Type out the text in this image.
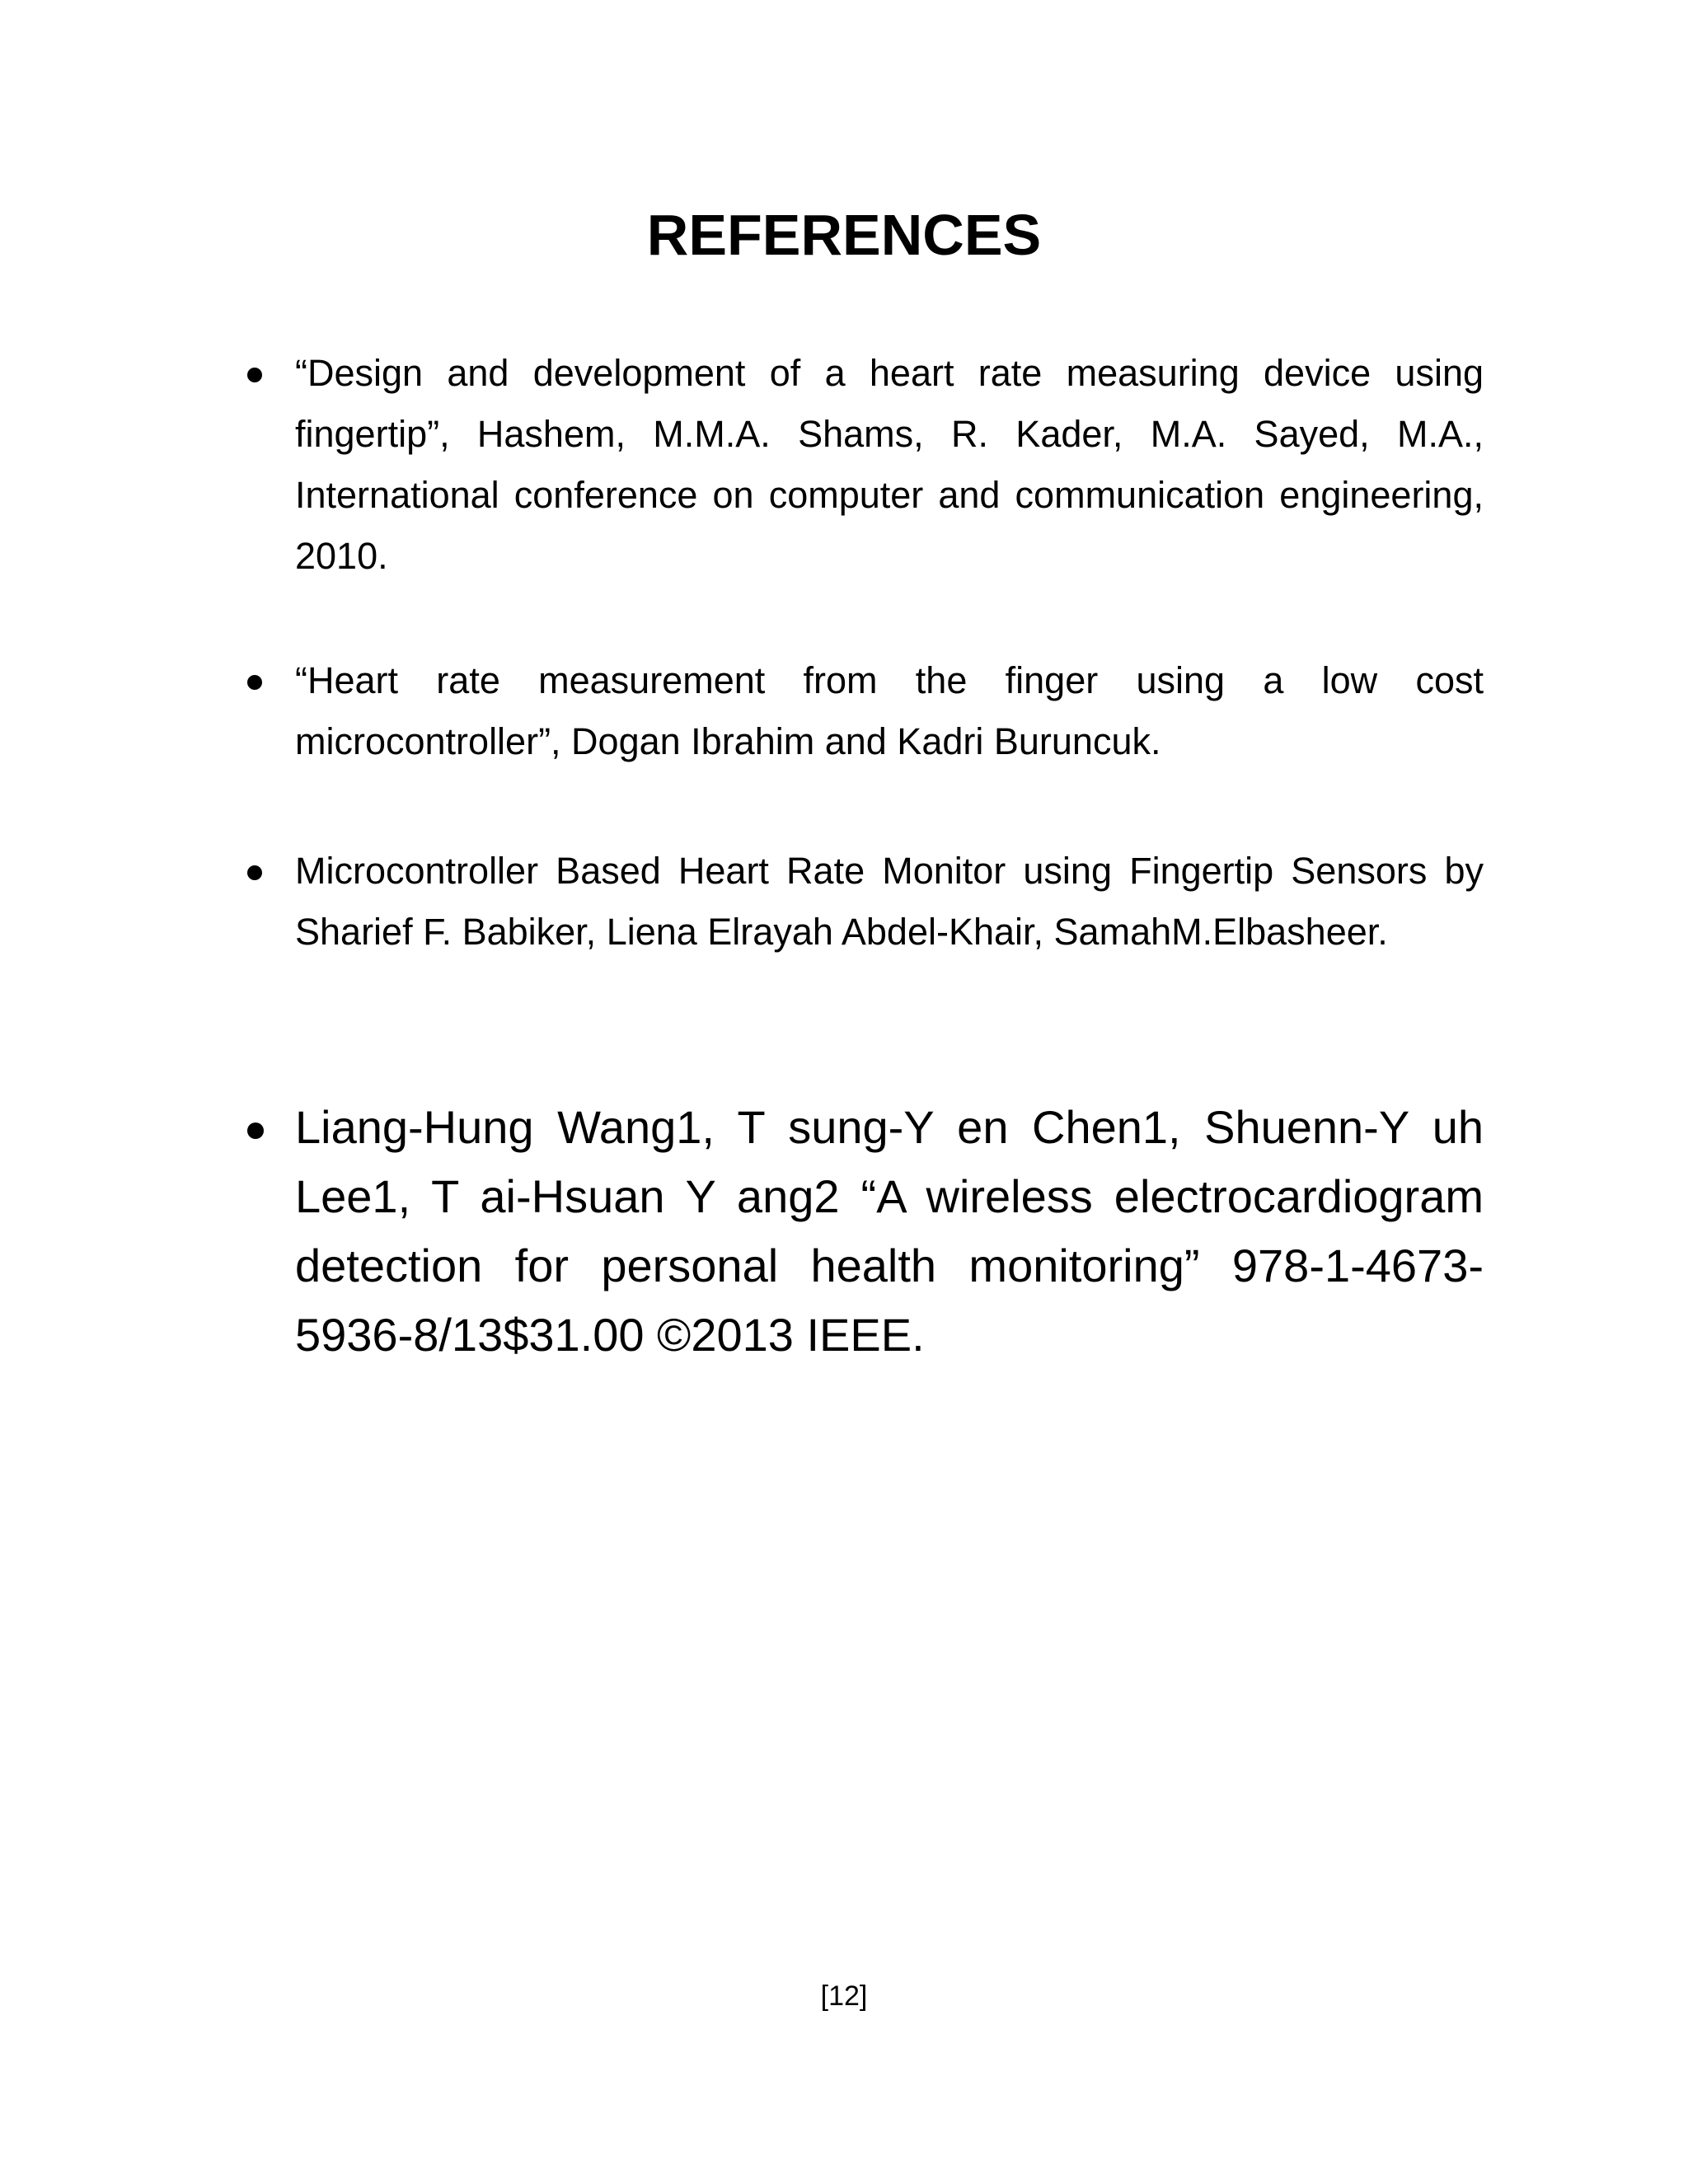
REFERENCES
“Design and development of a heart rate measuring device using fingertip”, Hashem, M.M.A. Shams, R. Kader, M.A. Sayed, M.A., International conference on computer and communication engineering, 2010.
“Heart rate measurement from the finger using a low cost microcontroller”, Dogan Ibrahim and Kadri Buruncuk.
Microcontroller Based Heart Rate Monitor using Fingertip Sensors by Sharief F. Babiker, Liena Elrayah Abdel-Khair, SamahM.Elbasheer.
Liang-Hung Wang1, T sung-Y en Chen1, Shuenn-Y uh Lee1, T ai-Hsuan Y ang2 “A wireless electrocardiogram detection for personal health monitoring” 978-1-4673-5936-8/13$31.00 ©2013 IEEE.
[12]
